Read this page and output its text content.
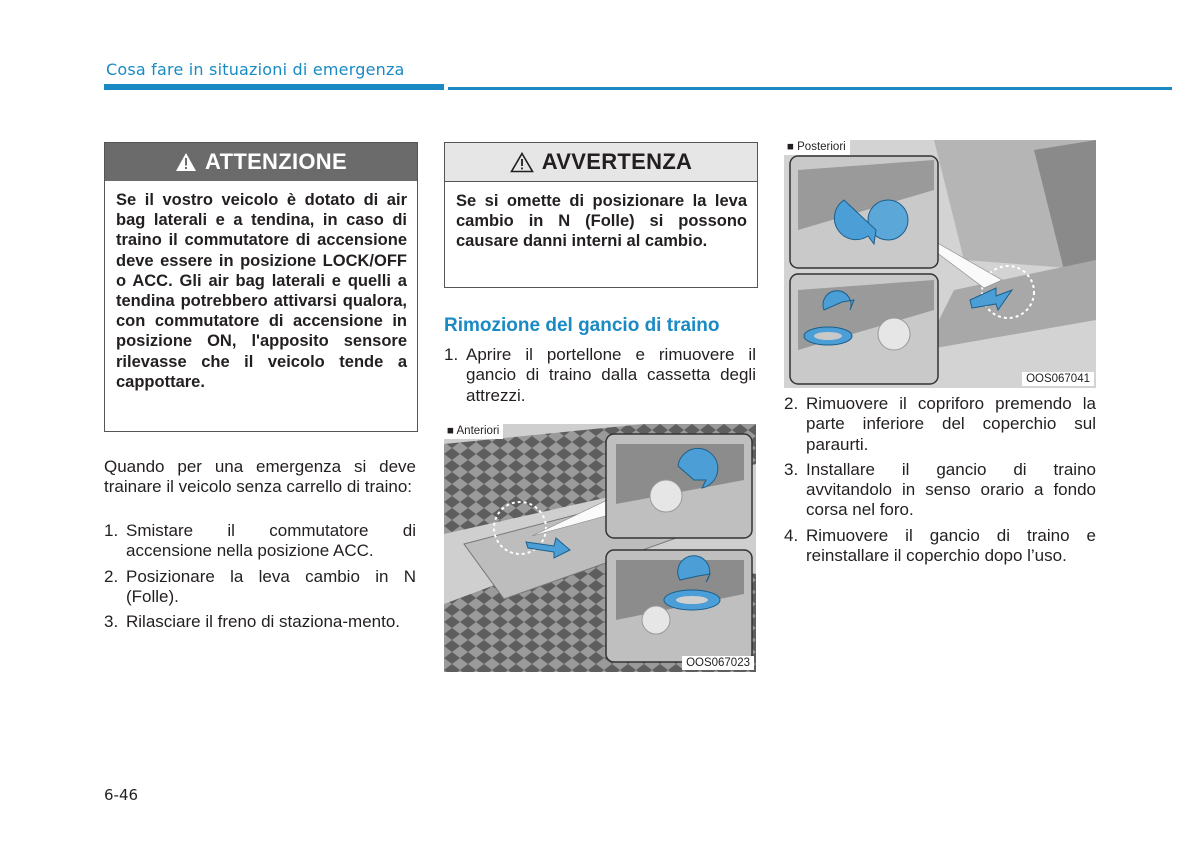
Cosa fare in situazioni di emergenza
ATTENZIONE
Se il vostro veicolo è dotato di air bag laterali e a tendina, in caso di traino il commutatore di accensione deve essere in posizione LOCK/OFF o ACC. Gli air bag laterali e quelli a tendina potrebbero attivarsi qualora, con commutatore di accensione in posizione ON, l'apposito sensore rilevasse che il veicolo tende a cappottare.
AVVERTENZA
Se si omette di posizionare la leva cambio in N (Folle) si possono causare danni interni al cambio.
Quando per una emergenza si deve trainare il veicolo senza carrello di traino:
1. Smistare il commutatore di accensione nella posizione ACC.
2. Posizionare la leva cambio in N (Folle).
3. Rilasciare il freno di staziona-mento.
Rimozione del gancio di traino
1. Aprire il portellone e rimuovere il gancio di traino dalla cassetta degli attrezzi.
■ Anteriori
OOS067023
■ Posteriori
OOS067041
2. Rimuovere il copriforo premendo la parte inferiore del coperchio sul paraurti.
3. Installare il gancio di traino avvitandolo in senso orario a fondo corsa nel foro.
4. Rimuovere il gancio di traino e reinstallare il coperchio dopo l’uso.
6-46
